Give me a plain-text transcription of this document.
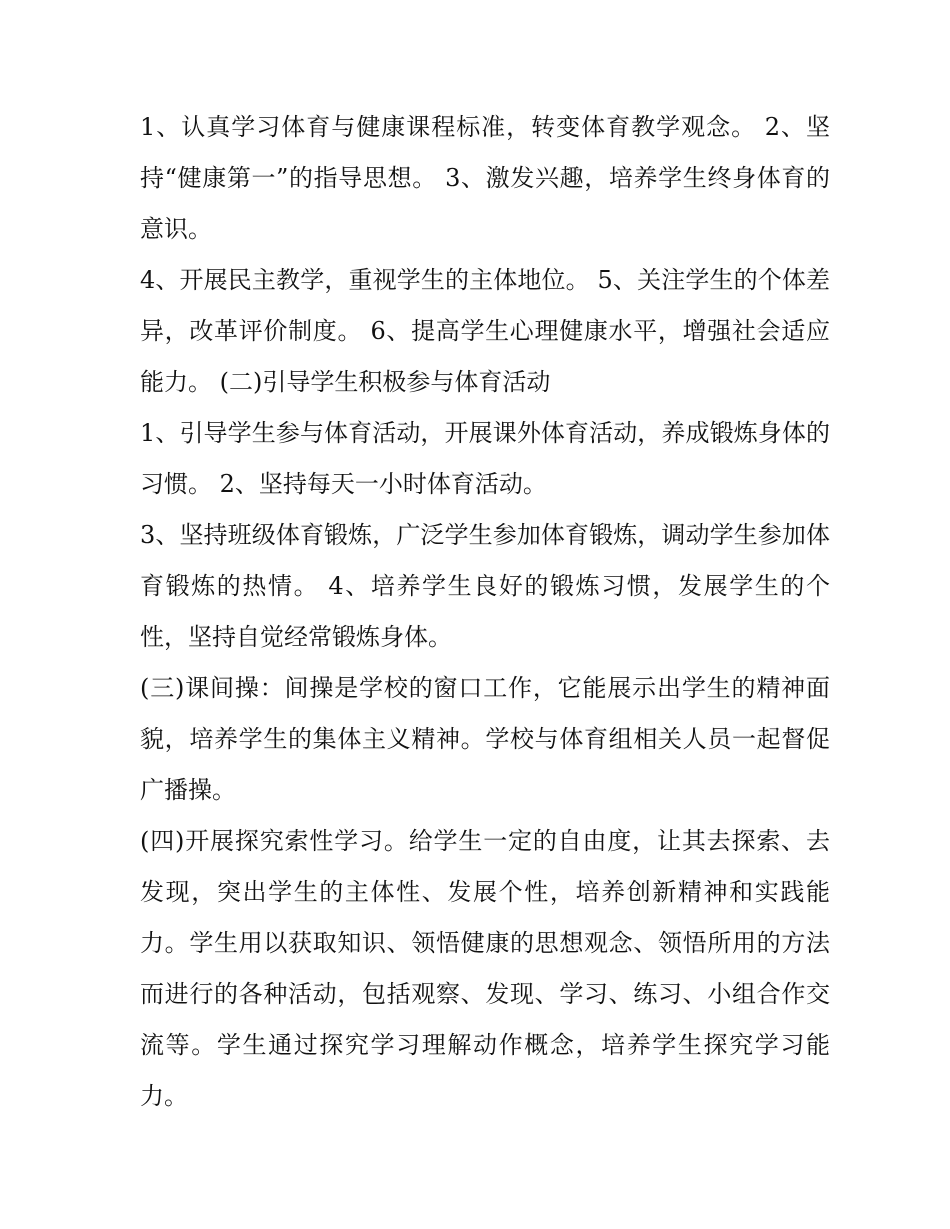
1、认真学习体育与健康课程标准，转变体育教学观念。 2、坚持“健康第一”的指导思想。 3、激发兴趣，培养学生终身体育的意识。

4、开展民主教学，重视学生的主体地位。 5、关注学生的个体差异，改革评价制度。 6、提高学生心理健康水平，增强社会适应能力。 (二)引导学生积极参与体育活动

1、引导学生参与体育活动，开展课外体育活动，养成锻炼身体的习惯。 2、坚持每天一小时体育活动。

3、坚持班级体育锻炼，广泛学生参加体育锻炼，调动学生参加体育锻炼的热情。 4、培养学生良好的锻炼习惯，发展学生的个性，坚持自觉经常锻炼身体。

(三)课间操：间操是学校的窗口工作，它能展示出学生的精神面貌，培养学生的集体主义精神。学校与体育组相关人员一起督促广播操。

(四)开展探究索性学习。给学生一定的自由度，让其去探索、去发现，突出学生的主体性、发展个性，培养创新精神和实践能力。学生用以获取知识、领悟健康的思想观念、领悟所用的方法而进行的各种活动，包括观察、发现、学习、练习、小组合作交流等。学生通过探究学习理解动作概念，培养学生探究学习能力。
